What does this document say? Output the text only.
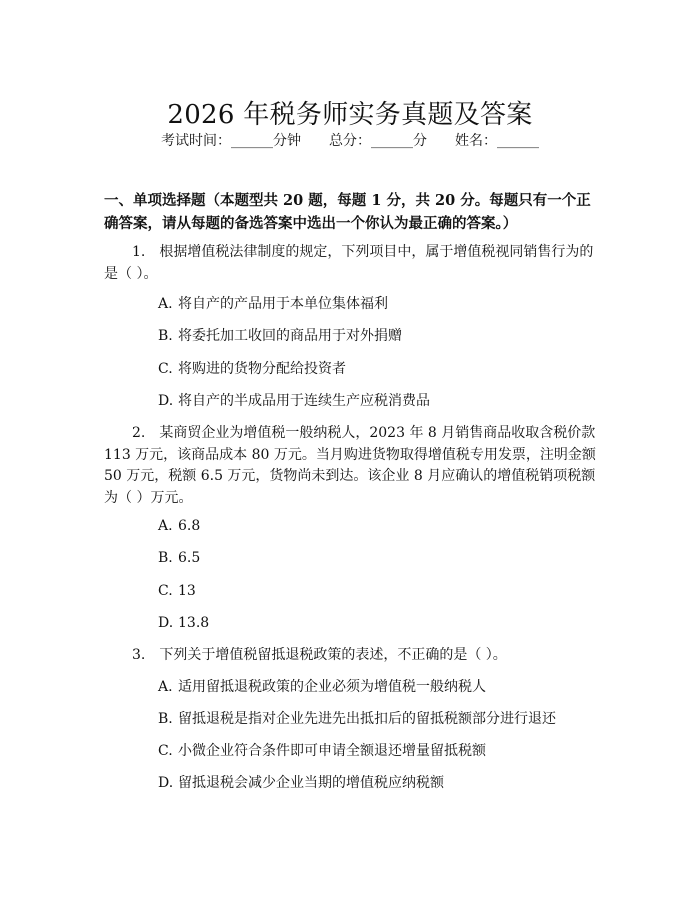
2026 年税务师实务真题及答案
考试时间：______分钟 总分：______分 姓名：______

一、单项选择题（本题型共 20 题，每题 1 分，共 20 分。每题只有一个正确答案，请从每题的备选答案中选出一个你认为最正确的答案。）

1. 根据增值税法律制度的规定，下列项目中，属于增值税视同销售行为的是（ ）。

A. 将自产的产品用于本单位集体福利
B. 将委托加工收回的商品用于对外捐赠
C. 将购进的货物分配给投资者
D. 将自产的半成品用于连续生产应税消费品

2. 某商贸企业为增值税一般纳税人，2023 年 8 月销售商品收取含税价款 113 万元，该商品成本 80 万元。当月购进货物取得增值税专用发票，注明金额 50 万元，税额 6.5 万元，货物尚未到达。该企业 8 月应确认的增值税销项税额为（ ）万元。

A. 6.8
B. 6.5
C. 13
D. 13.8

3. 下列关于增值税留抵退税政策的表述，不正确的是（ ）。

A. 适用留抵退税政策的企业必须为增值税一般纳税人
B. 留抵退税是指对企业先进先出抵扣后的留抵税额部分进行退还
C. 小微企业符合条件即可申请全额退还增量留抵税额
D. 留抵退税会减少企业当期的增值税应纳税额
